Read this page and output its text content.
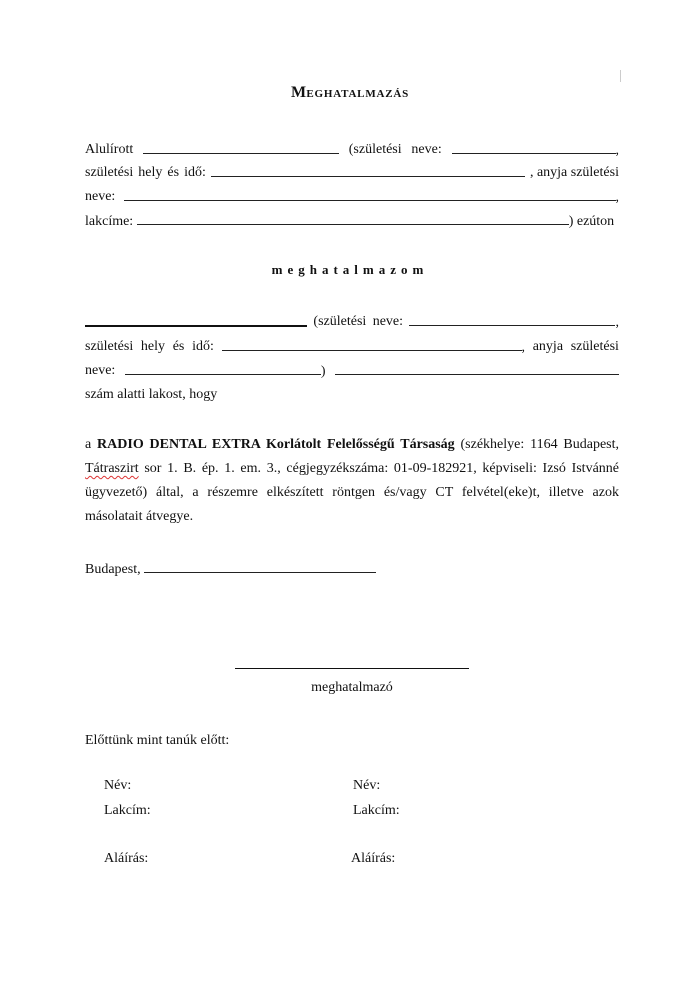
MEGHATALMAZÁS
Alulírott	(születési neve:	,
születési hely és idő:	, anyja születési
neve:	,
lakcíme:	) ezúton
meghatalmazom
(születési neve:	,
születési hely és idő:	, anyja születési
neve:	)
szám alatti lakost, hogy

a RADIO DENTAL EXTRA Korlátolt Felelősségű Társaság (székhelye: 1164 Budapest, Tátraszirt sor 1. B. ép. 1. em. 3., cégjegyzékszáma: 01-09-182921, képviseli: Izsó Istvánné ügyvezető) által, a részemre elkészített röntgen és/vagy CT felvétel(eke)t, illetve azok másolatait átvegye.

Budapest,
meghatalmazó
Előttünk mint tanúk előtt:
Név:
Lakcím:
Aláírás:
Név:
Lakcím:
Aláírás:
